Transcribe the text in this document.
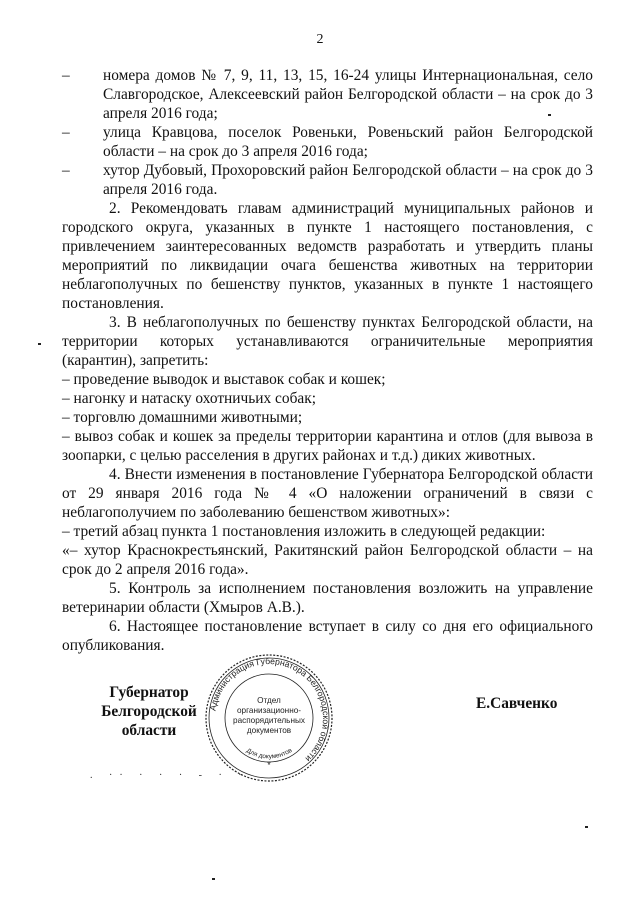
2

– номера домов № 7, 9, 11, 13, 15, 16-24 улицы Интернациональная, село Славгородское, Алексеевский район Белгородской области – на срок до 3 апреля 2016 года;

– улица Кравцова, поселок Ровеньки, Ровеньский район Белгородской области – на срок до 3 апреля 2016 года;

– хутор Дубовый, Прохоровский район Белгородской области – на срок до 3 апреля 2016 года.

2. Рекомендовать главам администраций муниципальных районов и городского округа, указанных в пункте 1 настоящего постановления, с привлечением заинтересованных ведомств разработать и утвердить планы мероприятий по ликвидации очага бешенства животных на территории неблагополучных по бешенству пунктов, указанных в пункте 1 настоящего постановления.

3. В неблагополучных по бешенству пунктах Белгородской области, на территории которых устанавливаются ограничительные мероприятия (карантин), запретить:

– проведение выводок и выставок собак и кошек;

– нагонку и натаску охотничьих собак;

– торговлю домашними животными;

– вывоз собак и кошек за пределы территории карантина и отлов (для вывоза в зоопарки, с целью расселения в других районах и т.д.) диких животных.

4. Внести изменения в постановление Губернатора Белгородской области от 29 января 2016 года № 4 «О наложении ограничений в связи с неблагополучием по заболеванию бешенством животных»:

– третий абзац пункта 1 постановления изложить в следующей редакции:

«– хутор Краснокрестьянский, Ракитянский район Белгородской области – на срок до 2 апреля 2016 года».

5. Контроль за исполнением постановления возложить на управление ветеринарии области (Хмыров А.В.).

6. Настоящее постановление вступает в силу со дня его официального опубликования.

Губернатор
Белгородской области
Администрация Губернатора Белгородской области
Для документов
Отдел
организационно-
распорядительных
документов
*
Е.Савченко
. ·· · · · - · ·
